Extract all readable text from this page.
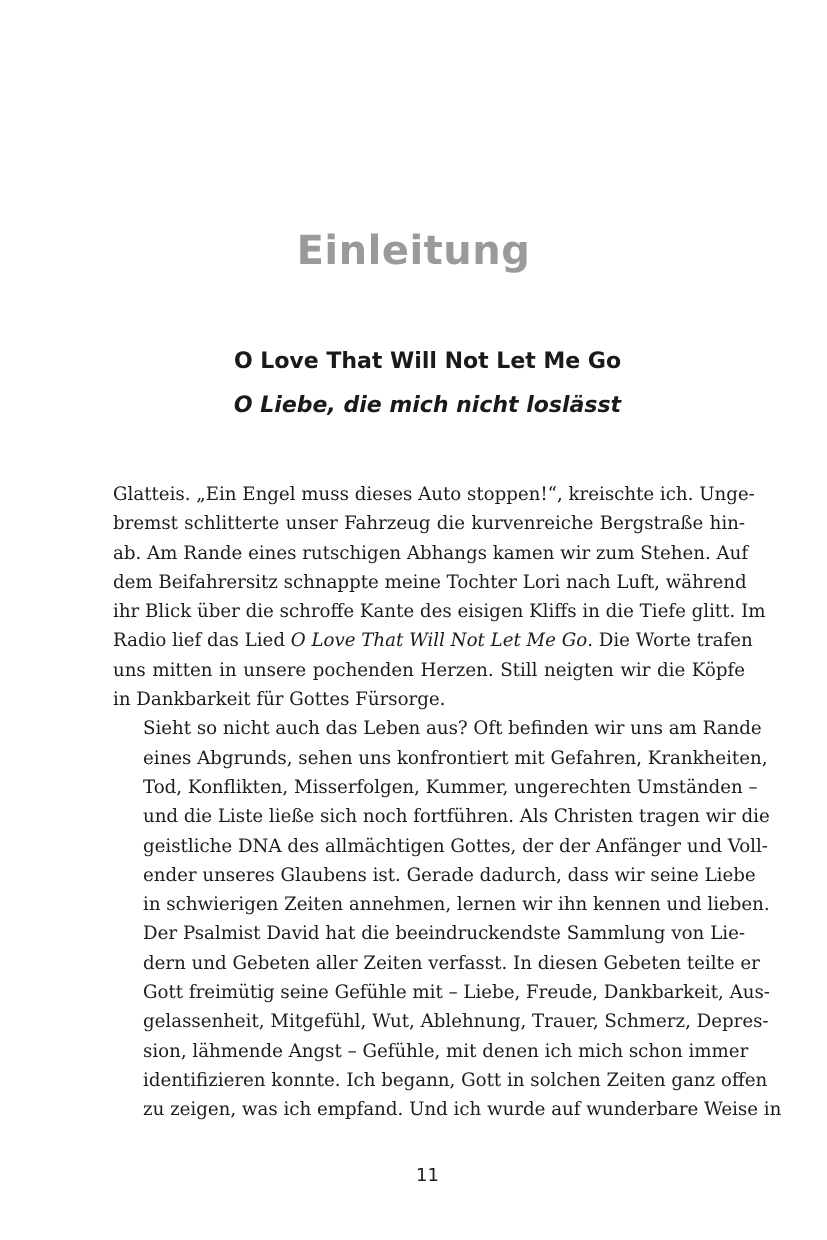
Einleitung
O Love That Will Not Let Me Go
O Liebe, die mich nicht loslässt

Glatteis. „Ein Engel muss dieses Auto stoppen!“, kreischte ich. Unge-
bremst schlitterte unser Fahrzeug die kurvenreiche Bergstraße hin-
ab. Am Rande eines rutschigen Abhangs kamen wir zum Stehen. Auf
dem Beifahrersitz schnappte meine Tochter Lori nach Luft, während
ihr Blick über die schroffe Kante des eisigen Kliffs in die Tiefe glitt. Im
Radio lief das Lied O Love That Will Not Let Me Go. Die Worte trafen
uns mitten in unsere pochenden Herzen. Still neigten wir die Köpfe
in Dankbarkeit für Gottes Fürsorge.

Sieht so nicht auch das Leben aus? Oft befinden wir uns am Rande
eines Abgrunds, sehen uns konfrontiert mit Gefahren, Krankheiten,
Tod, Konflikten, Misserfolgen, Kummer, ungerechten Umständen –
und die Liste ließe sich noch fortführen. Als Christen tragen wir die
geistliche DNA des allmächtigen Gottes, der der Anfänger und Voll-
ender unseres Glaubens ist. Gerade dadurch, dass wir seine Liebe
in schwierigen Zeiten annehmen, lernen wir ihn kennen und lieben.

Der Psalmist David hat die beeindruckendste Sammlung von Lie-
dern und Gebeten aller Zeiten verfasst. In diesen Gebeten teilte er
Gott freimütig seine Gefühle mit – Liebe, Freude, Dankbarkeit, Aus-
gelassenheit, Mitgefühl, Wut, Ablehnung, Trauer, Schmerz, Depres-
sion, lähmende Angst – Gefühle, mit denen ich mich schon immer
identifizieren konnte. Ich begann, Gott in solchen Zeiten ganz offen
zu zeigen, was ich empfand. Und ich wurde auf wunderbare Weise in

11
